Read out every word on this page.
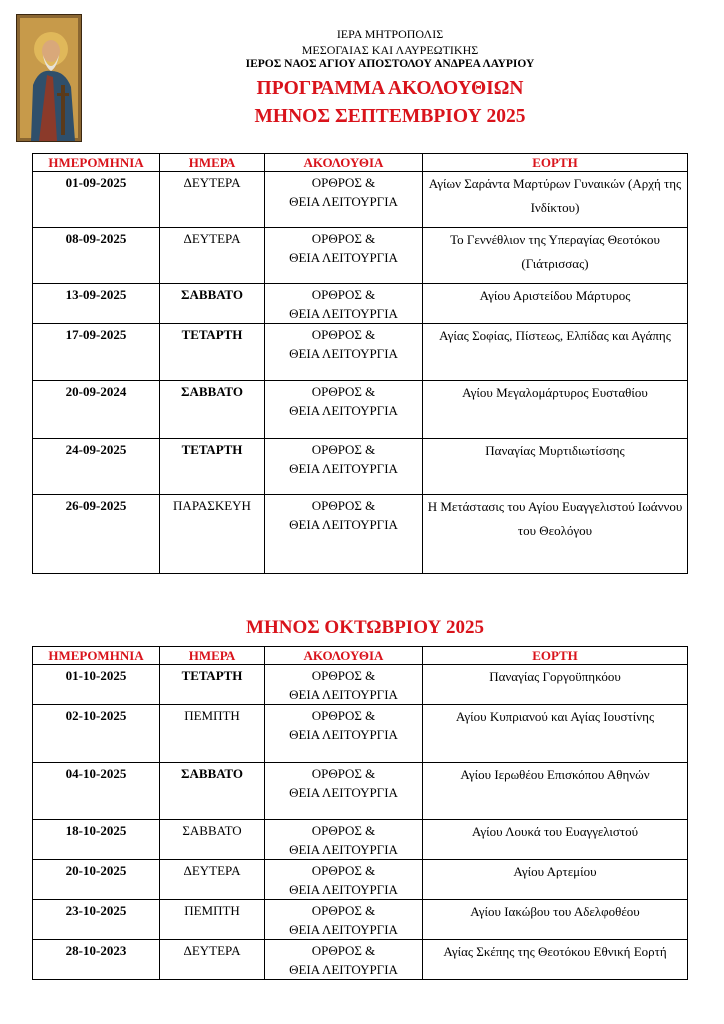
ΙΕΡΑ ΜΗΤΡΟΠΟΛΙΣ
ΜΕΣΟΓΑΙΑΣ ΚΑΙ ΛΑΥΡΕΩΤΙΚΗΣ
ΙΕΡΟΣ ΝΑΟΣ ΑΓΙΟΥ ΑΠΟΣΤΟΛΟΥ ΑΝΔΡΕΑ ΛΑΥΡΙΟΥ
ΠΡΟΓΡΑΜΜΑ ΑΚΟΛΟΥΘΙΩΝ
ΜΗΝΟΣ ΣΕΠΤΕΜΒΡΙΟΥ 2025
ΗΜΕΡΟΜΗΝΙΑ	ΗΜΕΡΑ	ΑΚΟΛΟΥΘΙΑ	ΕΟΡΤΗ
01-09-2025	ΔΕΥΤΕΡΑ	ΟΡΘΡΟΣ &
ΘΕΙΑ ΛΕΙΤΟΥΡΓΙΑ	Αγίων Σαράντα Μαρτύρων Γυναικών (Αρχή της Ινδίκτου)
08-09-2025	ΔΕΥΤΕΡΑ	ΟΡΘΡΟΣ &
ΘΕΙΑ ΛΕΙΤΟΥΡΓΙΑ	Το Γεννέθλιον της Υπεραγίας Θεοτόκου (Γιάτρισσας)
13-09-2025	ΣΑΒΒΑΤΟ	ΟΡΘΡΟΣ &
ΘΕΙΑ ΛΕΙΤΟΥΡΓΙΑ	Αγίου Αριστείδου Μάρτυρος
17-09-2025	ΤΕΤΑΡΤΗ	ΟΡΘΡΟΣ &
ΘΕΙΑ ΛΕΙΤΟΥΡΓΙΑ	Αγίας Σοφίας, Πίστεως, Ελπίδας και Αγάπης
20-09-2024	ΣΑΒΒΑΤΟ	ΟΡΘΡΟΣ &
ΘΕΙΑ ΛΕΙΤΟΥΡΓΙΑ	Αγίου Μεγαλομάρτυρος Ευσταθίου
24-09-2025	ΤΕΤΑΡΤΗ	ΟΡΘΡΟΣ &
ΘΕΙΑ ΛΕΙΤΟΥΡΓΙΑ	Παναγίας Μυρτιδιωτίσσης
26-09-2025	ΠΑΡΑΣΚΕΥΗ	ΟΡΘΡΟΣ &
ΘΕΙΑ ΛΕΙΤΟΥΡΓΙΑ	Η Μετάστασις του Αγίου Ευαγγελιστού Ιωάννου του Θεολόγου
ΜΗΝΟΣ ΟΚΤΩΒΡΙΟΥ 2025
ΗΜΕΡΟΜΗΝΙΑ	ΗΜΕΡΑ	ΑΚΟΛΟΥΘΙΑ	ΕΟΡΤΗ
01-10-2025	ΤΕΤΑΡΤΗ	ΟΡΘΡΟΣ &
ΘΕΙΑ ΛΕΙΤΟΥΡΓΙΑ	Παναγίας Γοργοϋπηκόου
02-10-2025	ΠΕΜΠΤΗ	ΟΡΘΡΟΣ &
ΘΕΙΑ ΛΕΙΤΟΥΡΓΙΑ	Αγίου Κυπριανού και Αγίας Ιουστίνης
04-10-2025	ΣΑΒΒΑΤΟ	ΟΡΘΡΟΣ &
ΘΕΙΑ ΛΕΙΤΟΥΡΓΙΑ	Αγίου Ιερωθέου Επισκόπου Αθηνών
18-10-2025	ΣΑΒΒΑΤΟ	ΟΡΘΡΟΣ &
ΘΕΙΑ ΛΕΙΤΟΥΡΓΙΑ	Αγίου Λουκά του Ευαγγελιστού
20-10-2025	ΔΕΥΤΕΡΑ	ΟΡΘΡΟΣ &
ΘΕΙΑ ΛΕΙΤΟΥΡΓΙΑ	Αγίου Αρτεμίου
23-10-2025	ΠΕΜΠΤΗ	ΟΡΘΡΟΣ &
ΘΕΙΑ ΛΕΙΤΟΥΡΓΙΑ	Αγίου Ιακώβου του Αδελφοθέου
28-10-2023	ΔΕΥΤΕΡΑ	ΟΡΘΡΟΣ &
ΘΕΙΑ ΛΕΙΤΟΥΡΓΙΑ	Αγίας Σκέπης της Θεοτόκου Εθνική Εορτή
